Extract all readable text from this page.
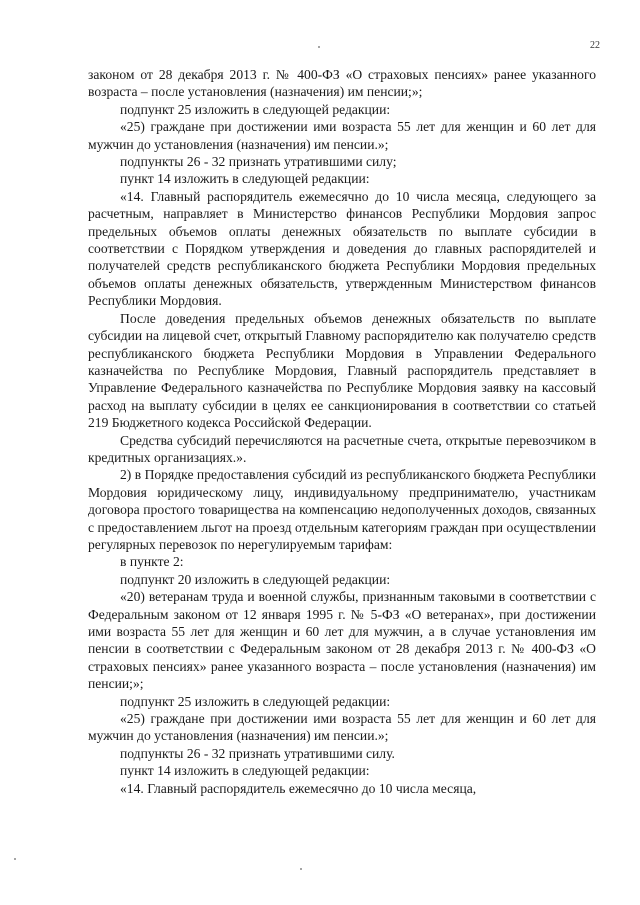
22

законом от 28 декабря 2013 г. № 400-ФЗ «О страховых пенсиях» ранее указанного возраста – после установления (назначения) им пенсии;»;

подпункт 25 изложить в следующей редакции:

«25) граждане при достижении ими возраста 55 лет для женщин и 60 лет для мужчин до установления (назначения) им пенсии.»;

подпункты 26 - 32 признать утратившими силу;

пункт 14 изложить в следующей редакции:

«14. Главный распорядитель ежемесячно до 10 числа месяца, следующего за расчетным, направляет в Министерство финансов Республики Мордовия запрос предельных объемов оплаты денежных обязательств по выплате субсидии в соответствии с Порядком утверждения и доведения до главных распорядителей и получателей средств республиканского бюджета Республики Мордовия предельных объемов оплаты денежных обязательств, утвержденным Министерством финансов Республики Мордовия.

После доведения предельных объемов денежных обязательств по выплате субсидии на лицевой счет, открытый Главному распорядителю как получателю средств республиканского бюджета Республики Мордовия в Управлении Федерального казначейства по Республике Мордовия, Главный распорядитель представляет в Управление Федерального казначейства по Республике Мордовия заявку на кассовый расход на выплату субсидии в целях ее санкционирования в соответствии со статьей 219 Бюджетного кодекса Российской Федерации.

Средства субсидий перечисляются на расчетные счета, открытые перевозчиком в кредитных организациях.».

2) в Порядке предоставления субсидий из республиканского бюджета Республики Мордовия юридическому лицу, индивидуальному предпринимателю, участникам договора простого товарищества на компенсацию недополученных доходов, связанных с предоставлением льгот на проезд отдельным категориям граждан при осуществлении регулярных перевозок по нерегулируемым тарифам:

в пункте 2:

подпункт 20 изложить в следующей редакции:

«20) ветеранам труда и военной службы, признанным таковыми в соответствии с Федеральным законом от 12 января 1995 г. № 5-ФЗ «О ветеранах», при достижении ими возраста 55 лет для женщин и 60 лет для мужчин, а в случае установления им пенсии в соответствии с Федеральным законом от 28 декабря 2013 г. № 400-ФЗ «О страховых пенсиях» ранее указанного возраста – после установления (назначения) им пенсии;»;

подпункт 25 изложить в следующей редакции:

«25) граждане при достижении ими возраста 55 лет для женщин и 60 лет для мужчин до установления (назначения) им пенсии.»;

подпункты 26 - 32 признать утратившими силу.

пункт 14 изложить в следующей редакции:

«14. Главный распорядитель ежемесячно до 10 числа месяца,
